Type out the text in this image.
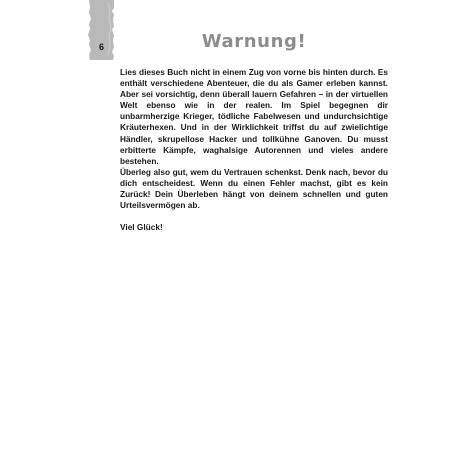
6	Warnung!

Lies dieses Buch nicht in einem Zug von vorne bis hinten durch. Es enthält verschiedene Abenteuer, die du als Gamer erleben kannst. Aber sei vorsichtig, denn überall lauern Gefahren – in der virtuellen Welt ebenso wie in der realen. Im Spiel begegnen dir unbarmherzige Krieger, tödliche Fabelwesen und undurchsichtige Kräuterhexen. Und in der Wirklichkeit triffst du auf zwielichtige Händler, skrupellose Hacker und tollkühne Ganoven. Du musst erbitterte Kämpfe, waghalsige Autorennen und vieles andere bestehen.

Überleg also gut, wem du Vertrauen schenkst. Denk nach, bevor du dich entscheidest. Wenn du einen Fehler machst, gibt es kein Zurück! Dein Überleben hängt von deinem schnellen und guten Urteilsvermögen ab.

Viel Glück!
